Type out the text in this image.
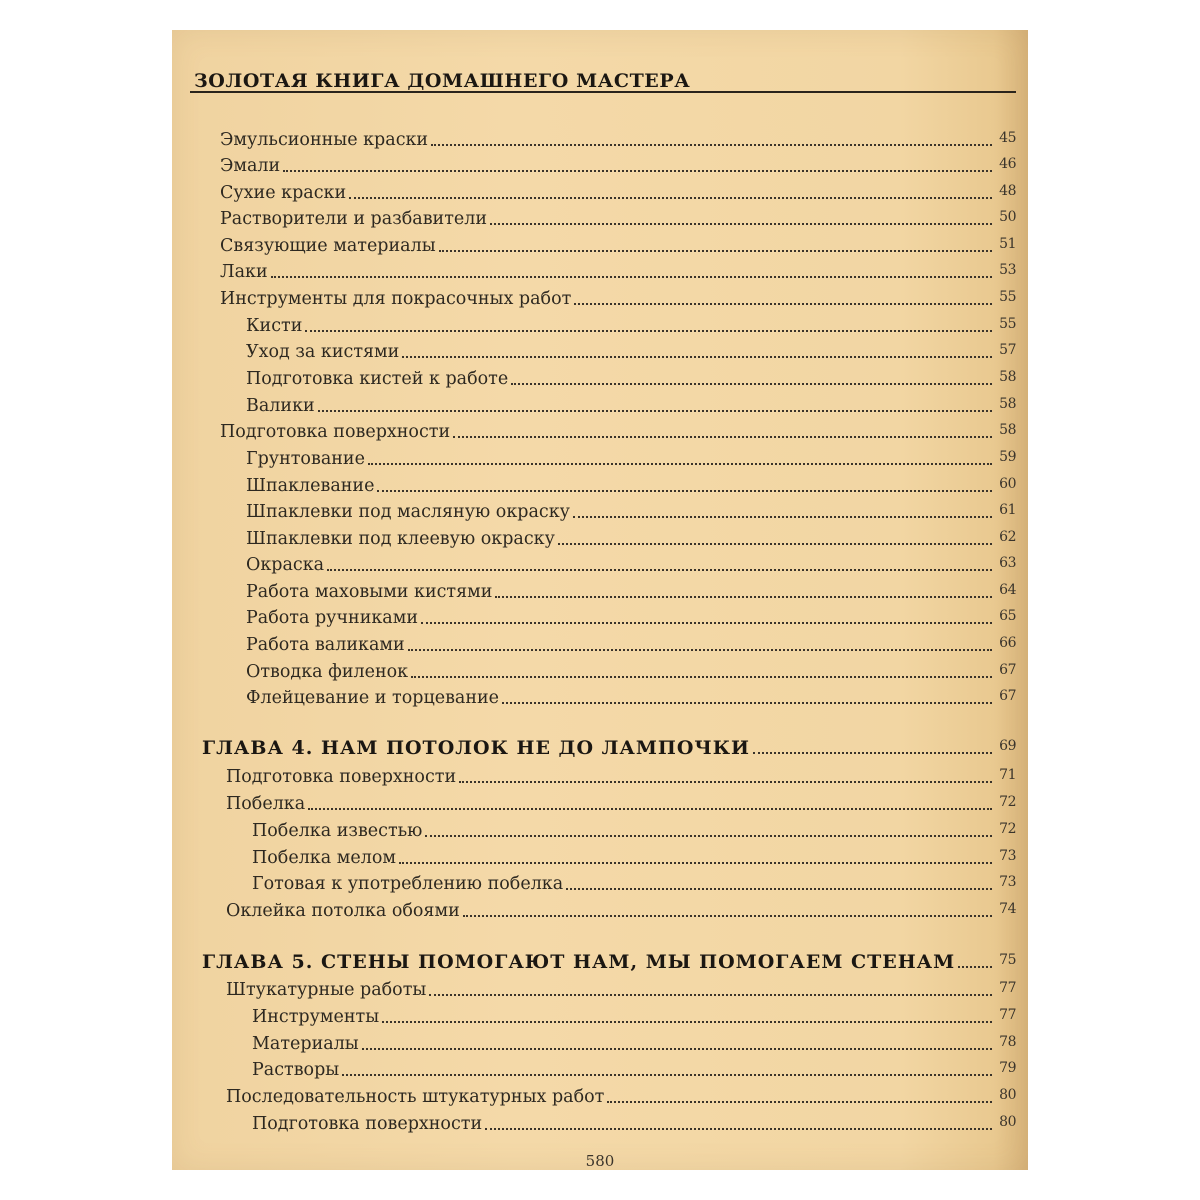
ЗОЛОТАЯ КНИГА ДОМАШНЕГО МАСТЕРА
Эмульсионные краски	45
Эмали	46
Сухие краски	48
Растворители и разбавители	50
Связующие материалы	51
Лаки	53
Инструменты для покрасочных работ	55
Кисти	55
Уход за кистями	57
Подготовка кистей к работе	58
Валики	58
Подготовка поверхности	58
Грунтование	59
Шпаклевание	60
Шпаклевки под масляную окраску	61
Шпаклевки под клеевую окраску	62
Окраска	63
Работа маховыми кистями	64
Работа ручниками	65
Работа валиками	66
Отводка филенок	67
Флейцевание и торцевание	67
ГЛАВА 4. НАМ ПОТОЛОК НЕ ДО ЛАМПОЧКИ	69
Подготовка поверхности	71
Побелка	72
Побелка известью	72
Побелка мелом	73
Готовая к употреблению побелка	73
Оклейка потолка обоями	74
ГЛАВА 5. СТЕНЫ ПОМОГАЮТ НАМ, МЫ ПОМОГАЕМ СТЕНАМ	75
Штукатурные работы	77
Инструменты	77
Материалы	78
Растворы	79
Последовательность штукатурных работ	80
Подготовка поверхности	80
580
